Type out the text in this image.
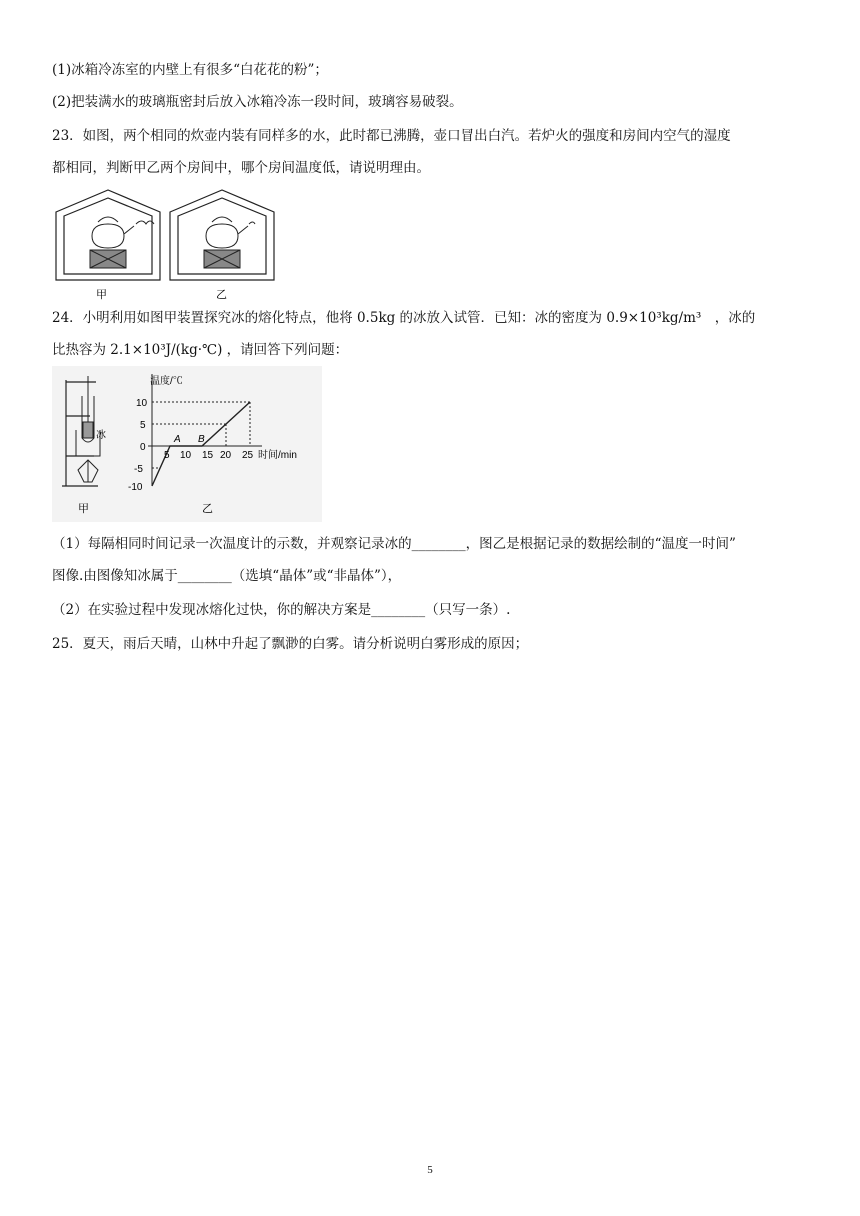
(1)冰箱冷冻室的内壁上有很多“白花花的粉”；
(2)把装满水的玻璃瓶密封后放入冰箱冷冻一段时间，玻璃容易破裂。
23．如图，两个相同的炊壶内装有同样多的水，此时都已沸腾，壶口冒出白汽。若炉火的强度和房间内空气的湿度
都相同，判断甲乙两个房间中，哪个房间温度低，请说明理由。
甲	乙
24．小明利用如图甲装置探究冰的熔化特点，他将 0.5kg 的冰放入试管．已知：冰的密度为 0.9×10³kg/m³　，冰的
比热容为 2.1×10³J/(kg·℃) ，请回答下列问题：
冰
甲
温度/℃
时间/min
A B
5 10 15 20 25
10
5
0
-5
-10
乙
（1）每隔相同时间记录一次温度计的示数，并观察记录冰的________，图乙是根据记录的数据绘制的“温度一时间”
图像.由图像知冰属于________（选填“晶体”或“非晶体”），
（2）在实验过程中发现冰熔化过快，你的解决方案是________（只写一条）.
25．夏天，雨后天晴，山林中升起了飘渺的白雾。请分析说明白雾形成的原因；
5
